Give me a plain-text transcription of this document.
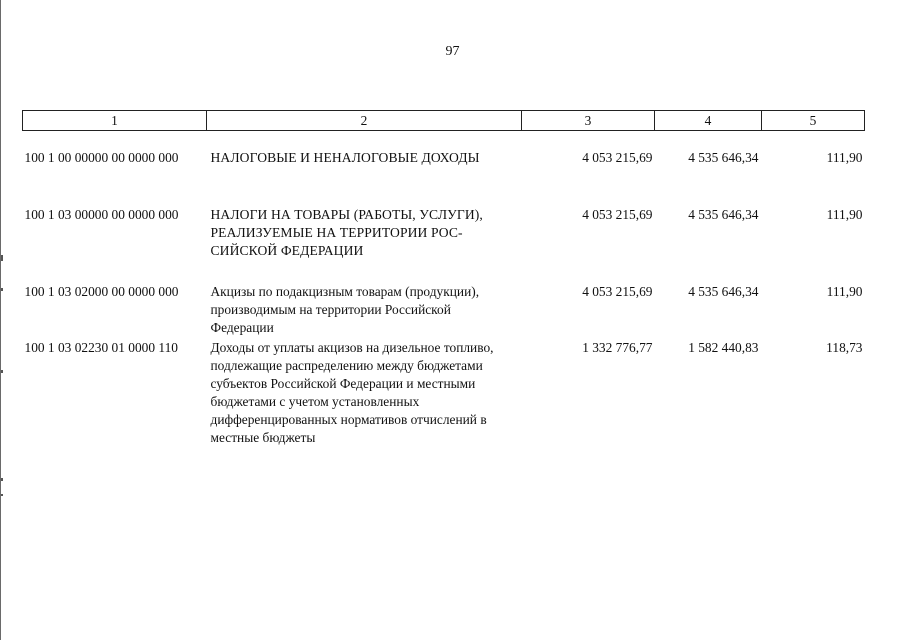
97
1	2	3	4	5
100 1 00 00000 00 0000 000	НАЛОГОВЫЕ И НЕНАЛОГОВЫЕ ДОХОДЫ	4 053 215,69	4 535 646,34	111,90
100 1 03 00000 00 0000 000	НАЛОГИ НА ТОВАРЫ (РАБОТЫ, УСЛУГИ), РЕАЛИЗУЕМЫЕ НА ТЕРРИТОРИИ РОС-СИЙСКОЙ ФЕДЕРАЦИИ	4 053 215,69	4 535 646,34	111,90
100 1 03 02000 00 0000 000	Акцизы по подакцизным товарам (продукции), производимым на территории Российской Федерации	4 053 215,69	4 535 646,34	111,90
100 1 03 02230 01 0000 110	Доходы от уплаты акцизов на дизельное топливо, подлежащие распределению между бюджетами субъектов Российской Федерации и местными бюджетами с учетом установленных дифференцированных нормативов отчислений в местные бюджеты	1 332 776,77	1 582 440,83	118,73
